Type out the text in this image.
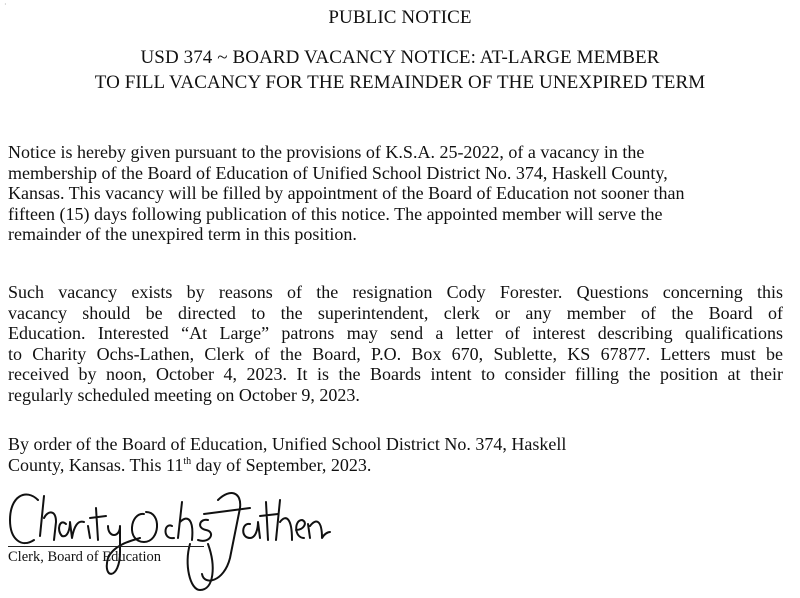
·
PUBLIC NOTICE
USD 374 ~ BOARD VACANCY NOTICE: AT-LARGE MEMBER
TO FILL VACANCY FOR THE REMAINDER OF THE UNEXPIRED TERM
Notice is hereby given pursuant to the provisions of K.S.A. 25-2022, of a vacancy in the
membership of the Board of Education of Unified School District No. 374, Haskell County,
Kansas. This vacancy will be filled by appointment of the Board of Education not sooner than
fifteen (15) days following publication of this notice. The appointed member will serve the
remainder of the unexpired term in this position.
Such vacancy exists by reasons of the resignation Cody Forester. Questions concerning this
vacancy should be directed to the superintendent, clerk or any member of the Board of
Education. Interested “At Large” patrons may send a letter of interest describing qualifications
to Charity Ochs-Lathen, Clerk of the Board, P.O. Box 670, Sublette, KS 67877. Letters must be
received by noon, October 4, 2023. It is the Boards intent to consider filling the position at their
regularly scheduled meeting on October 9, 2023.
By order of the Board of Education, Unified School District No. 374, Haskell
County, Kansas. This 11th day of September, 2023.
Clerk, Board of Education
